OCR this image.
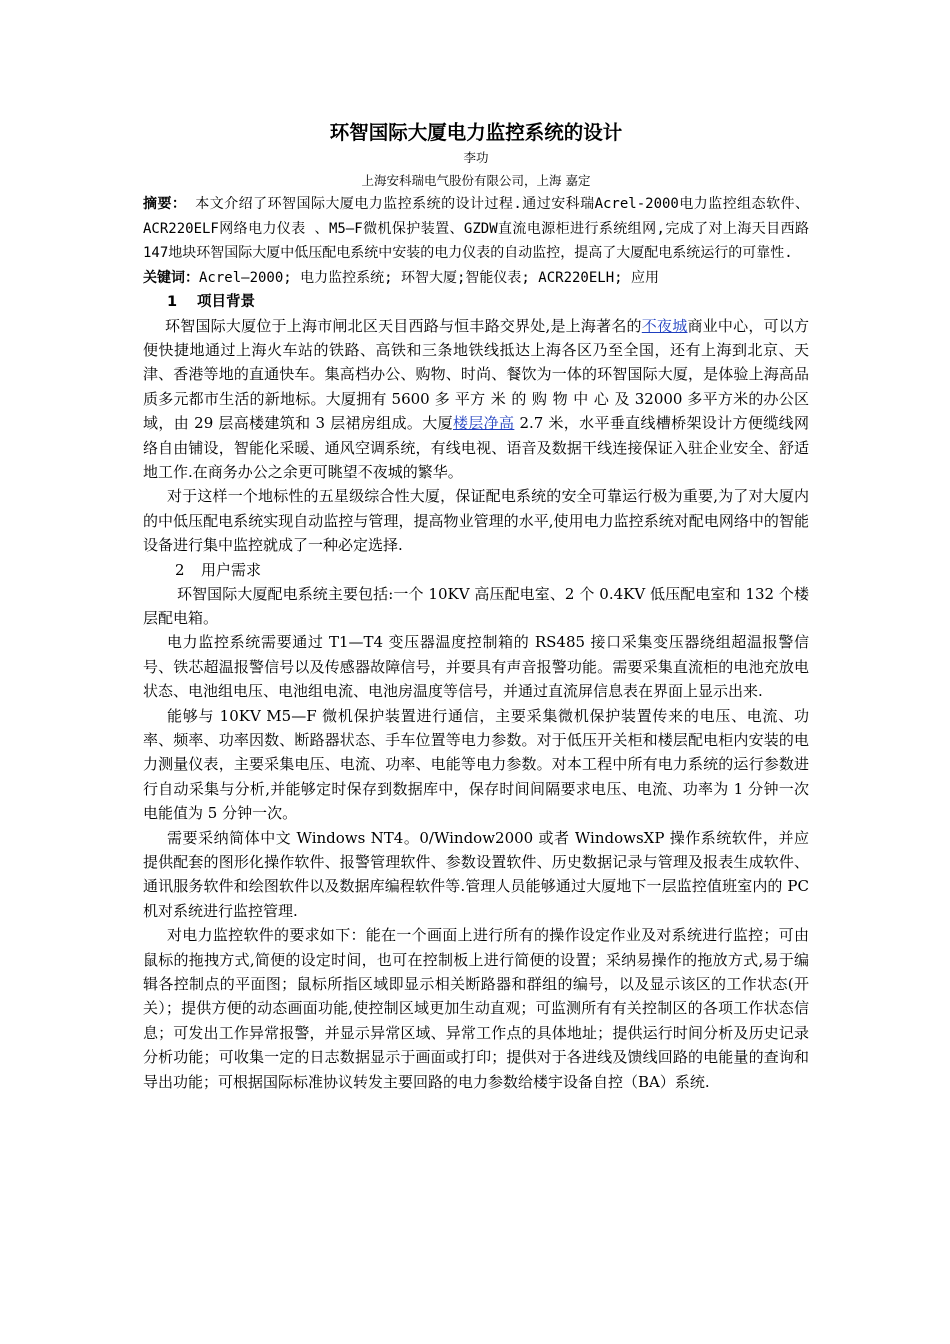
环智国际大厦电力监控系统的设计

李功

上海安科瑞电气股份有限公司，上海 嘉定

摘要： 本文介绍了环智国际大厦电力监控系统的设计过程.通过安科瑞Acrel-2000电力监控组态软件、ACR220ELF网络电力仪表 、M5—F微机保护装置、GZDW直流电源柜进行系统组网,完成了对上海天目西路147地块环智国际大厦中低压配电系统中安装的电力仪表的自动监控，提高了大厦配电系统运行的可靠性.

关键词：Acrel—2000; 电力监控系统; 环智大厦;智能仪表; ACR220ELH; 应用

1 项目背景

环智国际大厦位于上海市闸北区天目西路与恒丰路交界处,是上海著名的不夜城商业中心，可以方便快捷地通过上海火车站的铁路、高铁和三条地铁线抵达上海各区乃至全国，还有上海到北京、天津、香港等地的直通快车。集高档办公、购物、时尚、餐饮为一体的环智国际大厦，是体验上海高品质多元都市生活的新地标。大厦拥有 5600 多 平方米的购物中心及 32000 多平方米的办公区域，由 29 层高楼建筑和 3 层裙房组成。大厦楼层净高 2.7 米，水平垂直线槽桥架设计方便缆线网络自由铺设，智能化采暖、通风空调系统，有线电视、语音及数据干线连接保证入驻企业安全、舒适地工作.在商务办公之余更可眺望不夜城的繁华。

对于这样一个地标性的五星级综合性大厦，保证配电系统的安全可靠运行极为重要,为了对大厦内的中低压配电系统实现自动监控与管理，提高物业管理的水平,使用电力监控系统对配电网络中的智能设备进行集中监控就成了一种必定选择.

2 用户需求

环智国际大厦配电系统主要包括:一个 10KV 高压配电室、2 个 0.4KV 低压配电室和 132 个楼层配电箱。

电力监控系统需要通过 T1—T4 变压器温度控制箱的 RS485 接口采集变压器绕组超温报警信号、铁芯超温报警信号以及传感器故障信号，并要具有声音报警功能。需要采集直流柜的电池充放电状态、电池组电压、电池组电流、电池房温度等信号，并通过直流屏信息表在界面上显示出来.

能够与 10KV M5—F 微机保护装置进行通信，主要采集微机保护装置传来的电压、电流、功率、频率、功率因数、断路器状态、手车位置等电力参数。对于低压开关柜和楼层配电柜内安装的电力测量仪表，主要采集电压、电流、功率、电能等电力参数。对本工程中所有电力系统的运行参数进行自动采集与分析,并能够定时保存到数据库中，保存时间间隔要求电压、电流、功率为 1 分钟一次电能值为 5 分钟一次。

需要采纳简体中文 Windows NT4。0/Window2000 或者 WindowsXP 操作系统软件，并应提供配套的图形化操作软件、报警管理软件、参数设置软件、历史数据记录与管理及报表生成软件、通讯服务软件和绘图软件以及数据库编程软件等.管理人员能够通过大厦地下一层监控值班室内的 PC 机对系统进行监控管理.

对电力监控软件的要求如下：能在一个画面上进行所有的操作设定作业及对系统进行监控；可由鼠标的拖拽方式,简便的设定时间，也可在控制板上进行简便的设置；采纳易操作的拖放方式,易于编辑各控制点的平面图；鼠标所指区域即显示相关断路器和群组的编号，以及显示该区的工作状态(开关）；提供方便的动态画面功能,使控制区域更加生动直观；可监测所有有关控制区的各项工作状态信息；可发出工作异常报警，并显示异常区域、异常工作点的具体地址；提供运行时间分析及历史记录分析功能；可收集一定的日志数据显示于画面或打印；提供对于各进线及馈线回路的电能量的查询和导出功能；可根据国际标准协议转发主要回路的电力参数给楼宇设备自控（BA）系统.
